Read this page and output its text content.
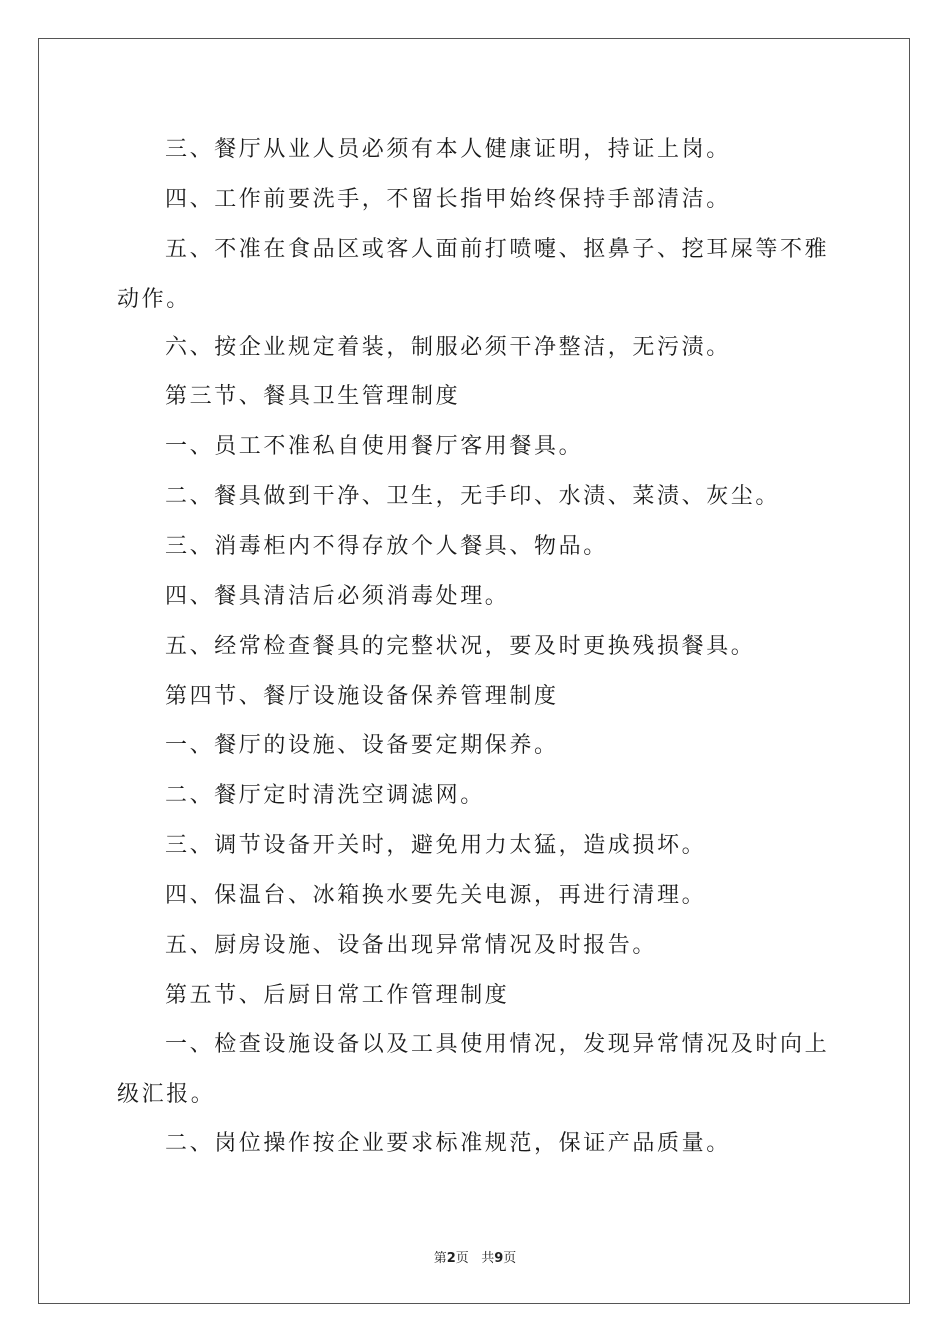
三、餐厅从业人员必须有本人健康证明，持证上岗。
四、工作前要洗手，不留长指甲始终保持手部清洁。
五、不准在食品区或客人面前打喷嚏、抠鼻子、挖耳屎等不雅动作。
六、按企业规定着装，制服必须干净整洁，无污渍。
第三节、餐具卫生管理制度
一、员工不准私自使用餐厅客用餐具。
二、餐具做到干净、卫生，无手印、水渍、菜渍、灰尘。
三、消毒柜内不得存放个人餐具、物品。
四、餐具清洁后必须消毒处理。
五、经常检查餐具的完整状况，要及时更换残损餐具。
第四节、餐厅设施设备保养管理制度
一、餐厅的设施、设备要定期保养。
二、餐厅定时清洗空调滤网。
三、调节设备开关时，避免用力太猛，造成损坏。
四、保温台、冰箱换水要先关电源，再进行清理。
五、厨房设施、设备出现异常情况及时报告。
第五节、后厨日常工作管理制度
一、检查设施设备以及工具使用情况，发现异常情况及时向上级汇报。
二、岗位操作按企业要求标准规范，保证产品质量。
第2页 共9页
